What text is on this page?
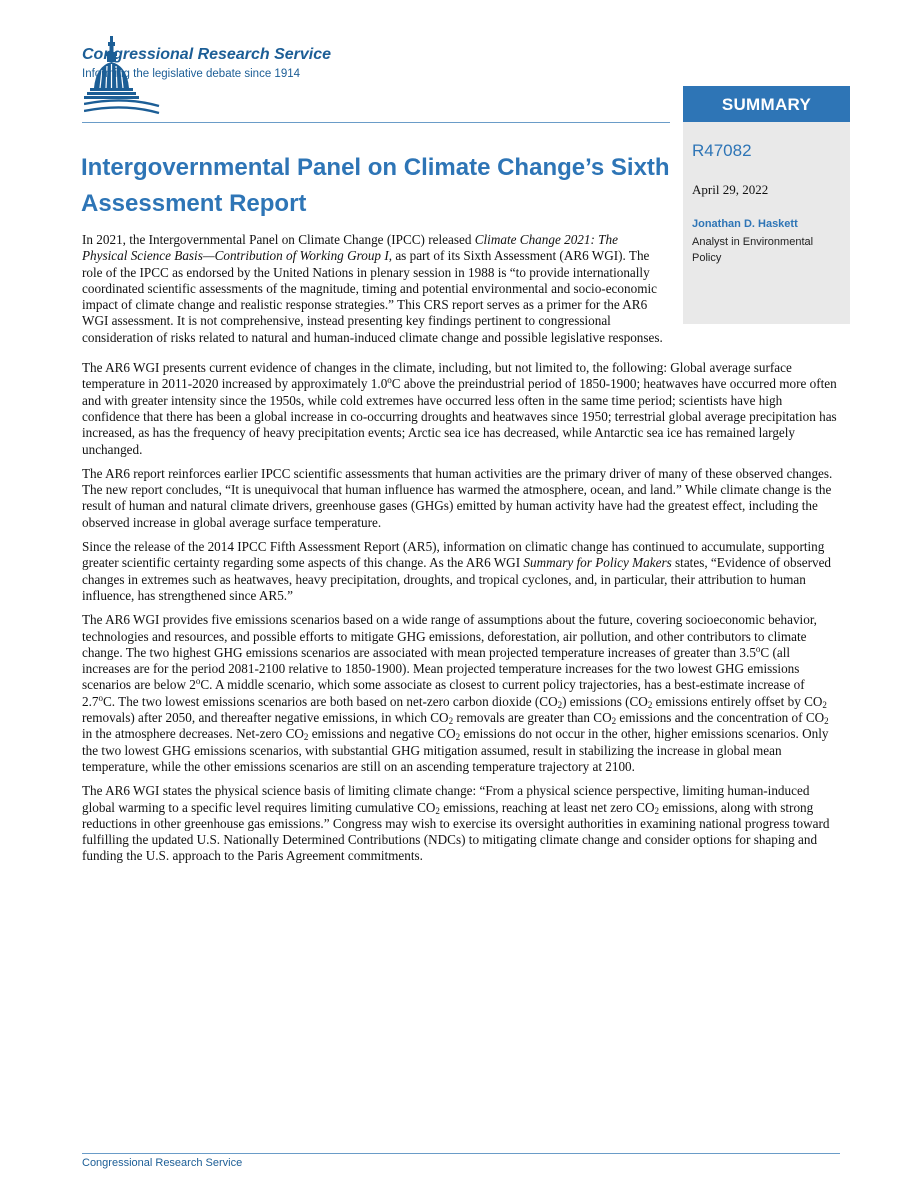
Congressional Research Service
Informing the legislative debate since 1914
SUMMARY
R47082
April 29, 2022
Jonathan D. Haskett
Analyst in Environmental Policy
Intergovernmental Panel on Climate Change’s Sixth Assessment Report

In 2021, the Intergovernmental Panel on Climate Change (IPCC) released Climate Change 2021: The Physical Science Basis—Contribution of Working Group I, as part of its Sixth Assessment (AR6 WGI). The role of the IPCC as endorsed by the United Nations in plenary session in 1988 is “to provide internationally coordinated scientific assessments of the magnitude, timing and potential environmental and socio-economic impact of climate change and realistic response strategies.” This CRS report serves as a primer for the AR6 WGI assessment. It is not comprehensive, instead presenting key findings pertinent to congressional consideration of risks related to natural and human-induced climate change and possible legislative responses.

The AR6 WGI presents current evidence of changes in the climate, including, but not limited to, the following: Global average surface temperature in 2011-2020 increased by approximately 1.0$^o$C above the preindustrial period of 1850-1900; heatwaves have occurred more often and with greater intensity since the 1950s, while cold extremes have occurred less often in the same time period; scientists have high confidence that there has been a global increase in co-occurring droughts and heatwaves since 1950; terrestrial global average precipitation has increased, as has the frequency of heavy precipitation events; Arctic sea ice has decreased, while Antarctic sea ice has remained largely unchanged.

The AR6 report reinforces earlier IPCC scientific assessments that human activities are the primary driver of many of these observed changes. The new report concludes, “It is unequivocal that human influence has warmed the atmosphere, ocean, and land.” While climate change is the result of human and natural climate drivers, greenhouse gases (GHGs) emitted by human activity have had the greatest effect, including the observed increase in global average surface temperature.

Since the release of the 2014 IPCC Fifth Assessment Report (AR5), information on climatic change has continued to accumulate, supporting greater scientific certainty regarding some aspects of this change. As the AR6 WGI Summary for Policy Makers states, “Evidence of observed changes in extremes such as heatwaves, heavy precipitation, droughts, and tropical cyclones, and, in particular, their attribution to human influence, has strengthened since AR5.”

The AR6 WGI provides five emissions scenarios based on a wide range of assumptions about the future, covering socioeconomic behavior, technologies and resources, and possible efforts to mitigate GHG emissions, deforestation, air pollution, and other contributors to climate change. The two highest GHG emissions scenarios are associated with mean projected temperature increases of greater than 3.5$^o$C (all increases are for the period 2081-2100 relative to 1850-1900). Mean projected temperature increases for the two lowest GHG emissions scenarios are below 2$^o$C. A middle scenario, which some associate as closest to current policy trajectories, has a best-estimate increase of 2.7$^o$C. The two lowest emissions scenarios are both based on net-zero carbon dioxide $(CO_2)$ emissions ($CO_2$ emissions entirely offset by $CO_2$ removals) after 2050, and thereafter negative emissions, in which $CO_2$ removals are greater than $CO_2$ emissions and the concentration of $CO_2$ in the atmosphere decreases. Net-zero $CO_2$ emissions and negative $CO_2$ emissions do not occur in the other, higher emissions scenarios. Only the two lowest GHG emissions scenarios, with substantial GHG mitigation assumed, result in stabilizing the increase in global mean temperature, while the other emissions scenarios are still on an ascending temperature trajectory at 2100.

The AR6 WGI states the physical science basis of limiting climate change: “From a physical science perspective, limiting human-induced global warming to a specific level requires limiting cumulative $CO_2$ emissions, reaching at least net zero $CO_2$ emissions, along with strong reductions in other greenhouse gas emissions.” Congress may wish to exercise its oversight authorities in examining national progress toward fulfilling the updated U.S. Nationally Determined Contributions (NDCs) to mitigating climate change and consider options for shaping and funding the U.S. approach to the Paris Agreement commitments.

Congressional Research Service
